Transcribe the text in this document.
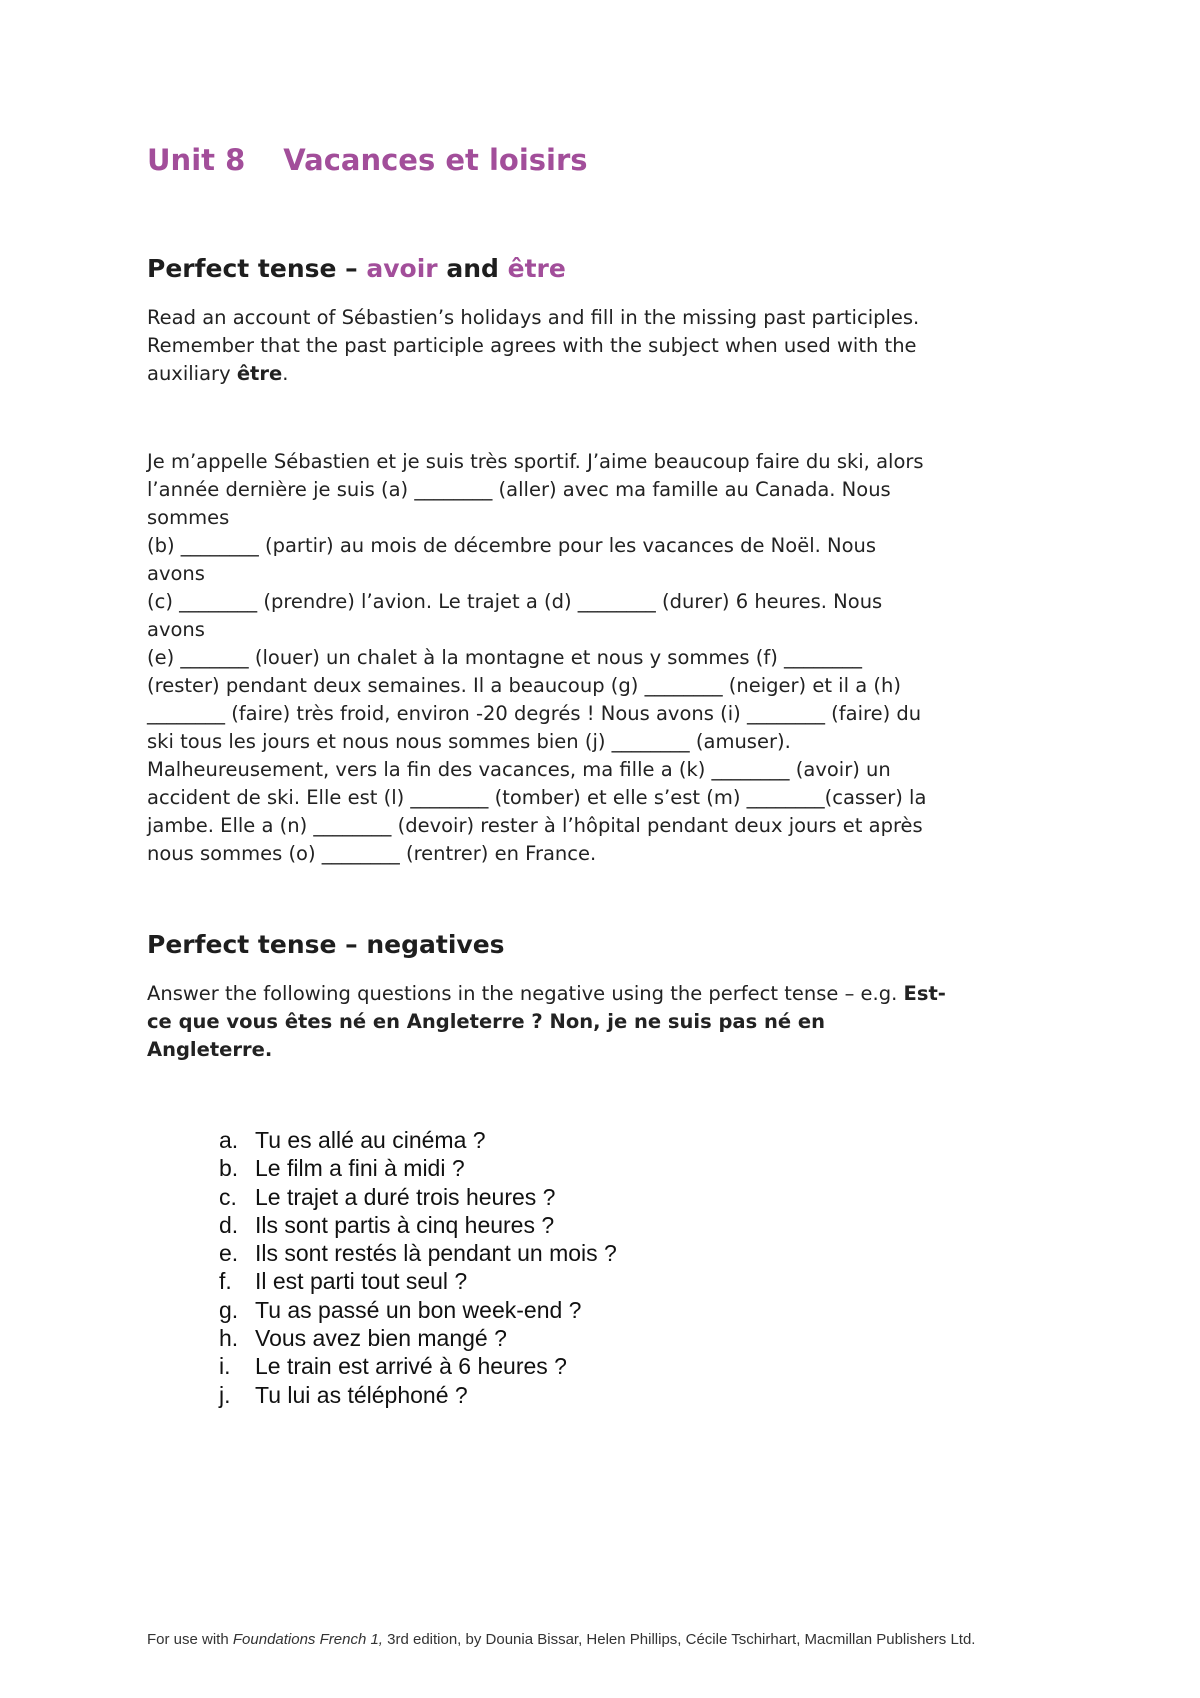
Unit 8 Vacances et loisirs
Perfect tense – avoir and être

Read an account of Sébastien’s holidays and fill in the missing past participles.
Remember that the past participle agrees with the subject when used with the
auxiliary être.

Je m’appelle Sébastien et je suis très sportif. J’aime beaucoup faire du ski, alors
l’année dernière je suis (a) ________ (aller) avec ma famille au Canada. Nous
sommes
(b) ________ (partir) au mois de décembre pour les vacances de Noël. Nous
avons
(c) ________ (prendre) l’avion. Le trajet a (d) ________ (durer) 6 heures. Nous
avons
(e) _______ (louer) un chalet à la montagne et nous y sommes (f) ________
(rester) pendant deux semaines. Il a beaucoup (g) ________ (neiger) et il a (h)
________ (faire) très froid, environ -20 degrés ! Nous avons (i) ________ (faire) du
ski tous les jours et nous nous sommes bien (j) ________ (amuser).
Malheureusement, vers la fin des vacances, ma fille a (k) ________ (avoir) un
accident de ski. Elle est (l) ________ (tomber) et elle s’est (m) ________(casser) la
jambe. Elle a (n) ________ (devoir) rester à l’hôpital pendant deux jours et après
nous sommes (o) ________ (rentrer) en France.

Perfect tense – negatives

Answer the following questions in the negative using the perfect tense – e.g. Est-
ce que vous êtes né en Angleterre ? Non, je ne suis pas né en
Angleterre.

a. Tu es allé au cinéma ?
b. Le film a fini à midi ?
c. Le trajet a duré trois heures ?
d. Ils sont partis à cinq heures ?
e. Ils sont restés là pendant un mois ?
f.	Il est parti tout seul ?
g. Tu as passé un bon week-end ?
h. Vous avez bien mangé ?
i.	Le train est arrivé à 6 heures ?
j.	Tu lui as téléphoné ?

For use with Foundations French 1, 3rd edition, by Dounia Bissar, Helen Phillips, Cécile Tschirhart, Macmillan Publishers Ltd.
